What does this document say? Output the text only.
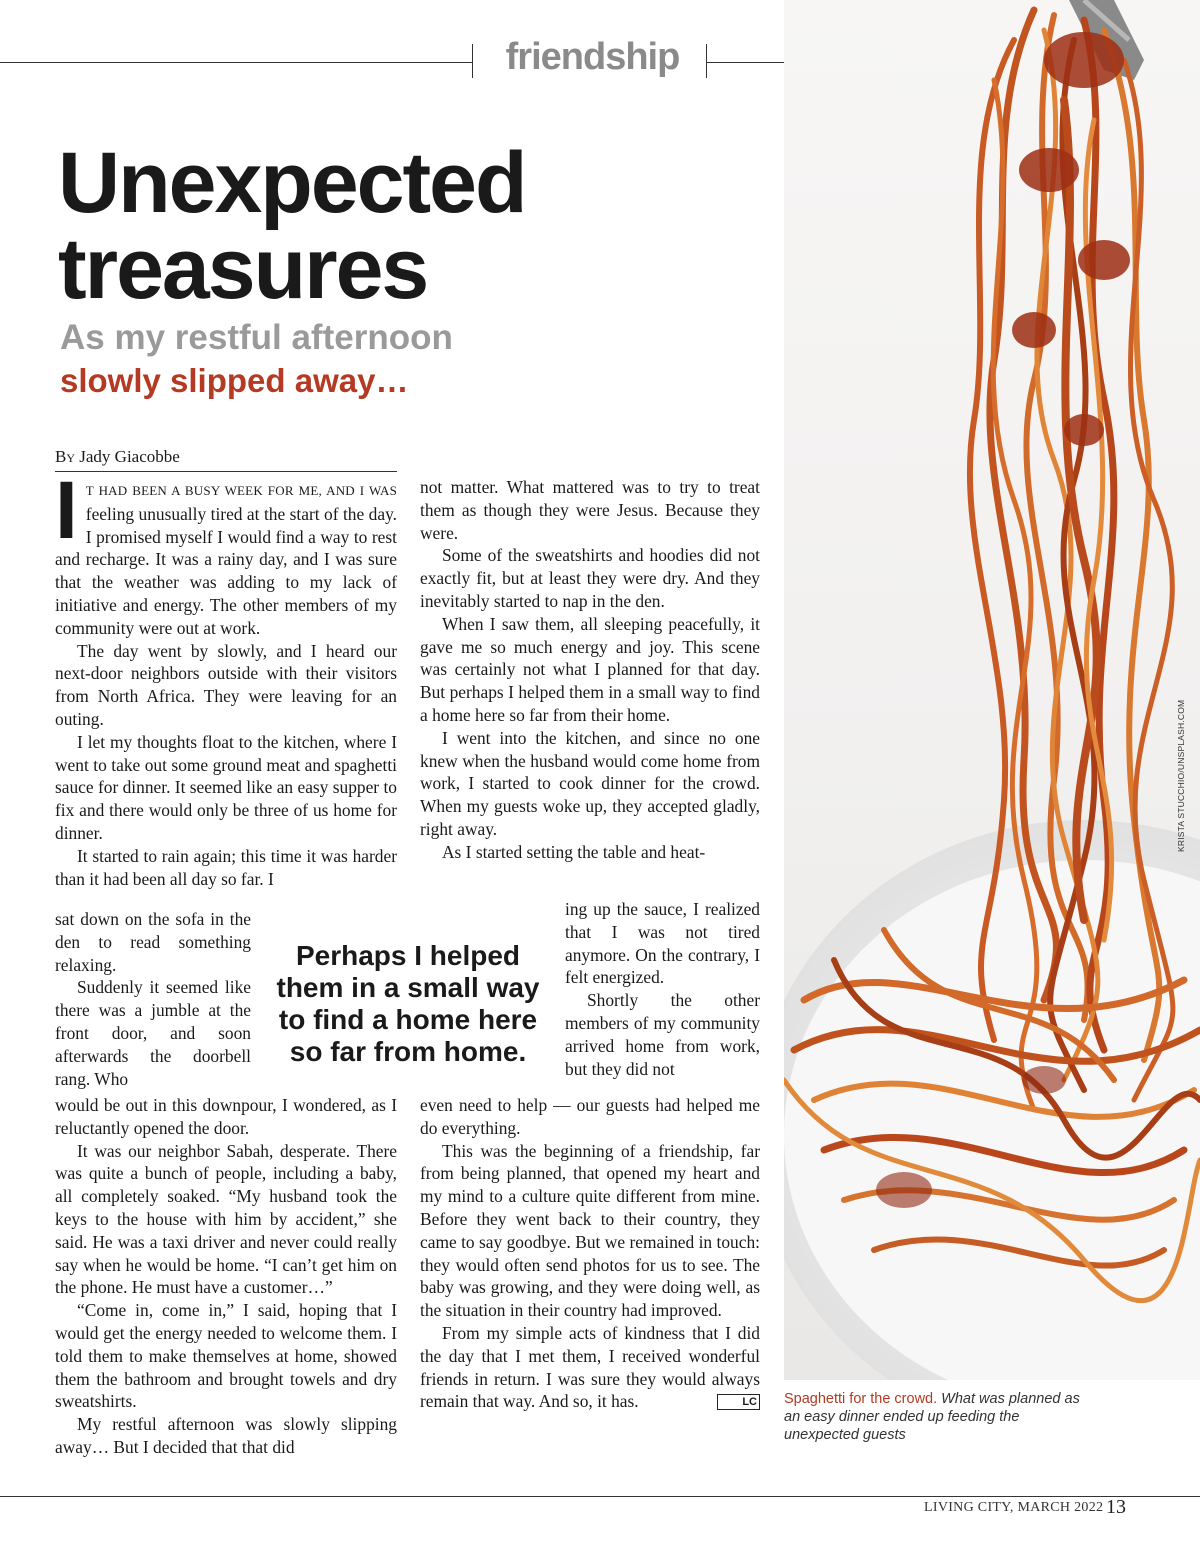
friendship
KRISTA STUCCHIO/UNSPLASH.COM
Spaghetti for the crowd. What was planned as an easy dinner ended up feeding the unexpected guests
Unexpected treasures
As my restful afternoon
slowly slipped away…
By Jady Giacobbe

I T HAD BEEN A BUSY WEEK FOR ME, AND I WAS feeling unusually tired at the start of the day. I promised myself I would find a way to rest and recharge. It was a rainy day, and I was sure that the weather was adding to my lack of initiative and energy. The other members of my community were out at work.

The day went by slowly, and I heard our next-door neighbors outside with their visitors from North Africa. They were leaving for an outing.

I let my thoughts float to the kitchen, where I went to take out some ground meat and spaghetti sauce for dinner. It seemed like an easy supper to fix and there would only be three of us home for dinner.

It started to rain again; this time it was harder than it had been all day so far. I

sat down on the sofa in the den to read something relaxing.

Suddenly it seemed like there was a jumble at the front door, and soon afterwards the doorbell rang. Who

would be out in this downpour, I wondered, as I reluctantly opened the door.

It was our neighbor Sabah, desperate. There was quite a bunch of people, including a baby, all completely soaked. “My husband took the keys to the house with him by accident,” she said. He was a taxi driver and never could really say when he would be home. “I can’t get him on the phone. He must have a customer…”

“Come in, come in,” I said, hoping that I would get the energy needed to welcome them. I told them to make themselves at home, showed them the bathroom and brought towels and dry sweatshirts.

My restful afternoon was slowly slipping away… But I decided that that did

Perhaps I helped them in a small way to find a home here so far from home.

not matter. What mattered was to try to treat them as though they were Jesus. Because they were.

Some of the sweatshirts and hoodies did not exactly fit, but at least they were dry. And they inevitably started to nap in the den.

When I saw them, all sleeping peacefully, it gave me so much energy and joy. This scene was certainly not what I planned for that day. But perhaps I helped them in a small way to find a home here so far from their home.

I went into the kitchen, and since no one knew when the husband would come home from work, I started to cook dinner for the crowd. When my guests woke up, they accepted gladly, right away.

As I started setting the table and heat-

ing up the sauce, I realized that I was not tired anymore. On the contrary, I felt energized.

Shortly the other members of my community arrived home from work, but they did not

even need to help — our guests had helped me do everything.

This was the beginning of a friendship, far from being planned, that opened my heart and my mind to a culture quite different from mine. Before they went back to their country, they came to say goodbye. But we remained in touch: they would often send photos for us to see. The baby was growing, and they were doing well, as the situation in their country had improved.

From my simple acts of kindness that I did the day that I met them, I received wonderful friends in return. I was sure they would always remain that way. And so, it has.	LC

LIVING CITY, MARCH 2022 13
